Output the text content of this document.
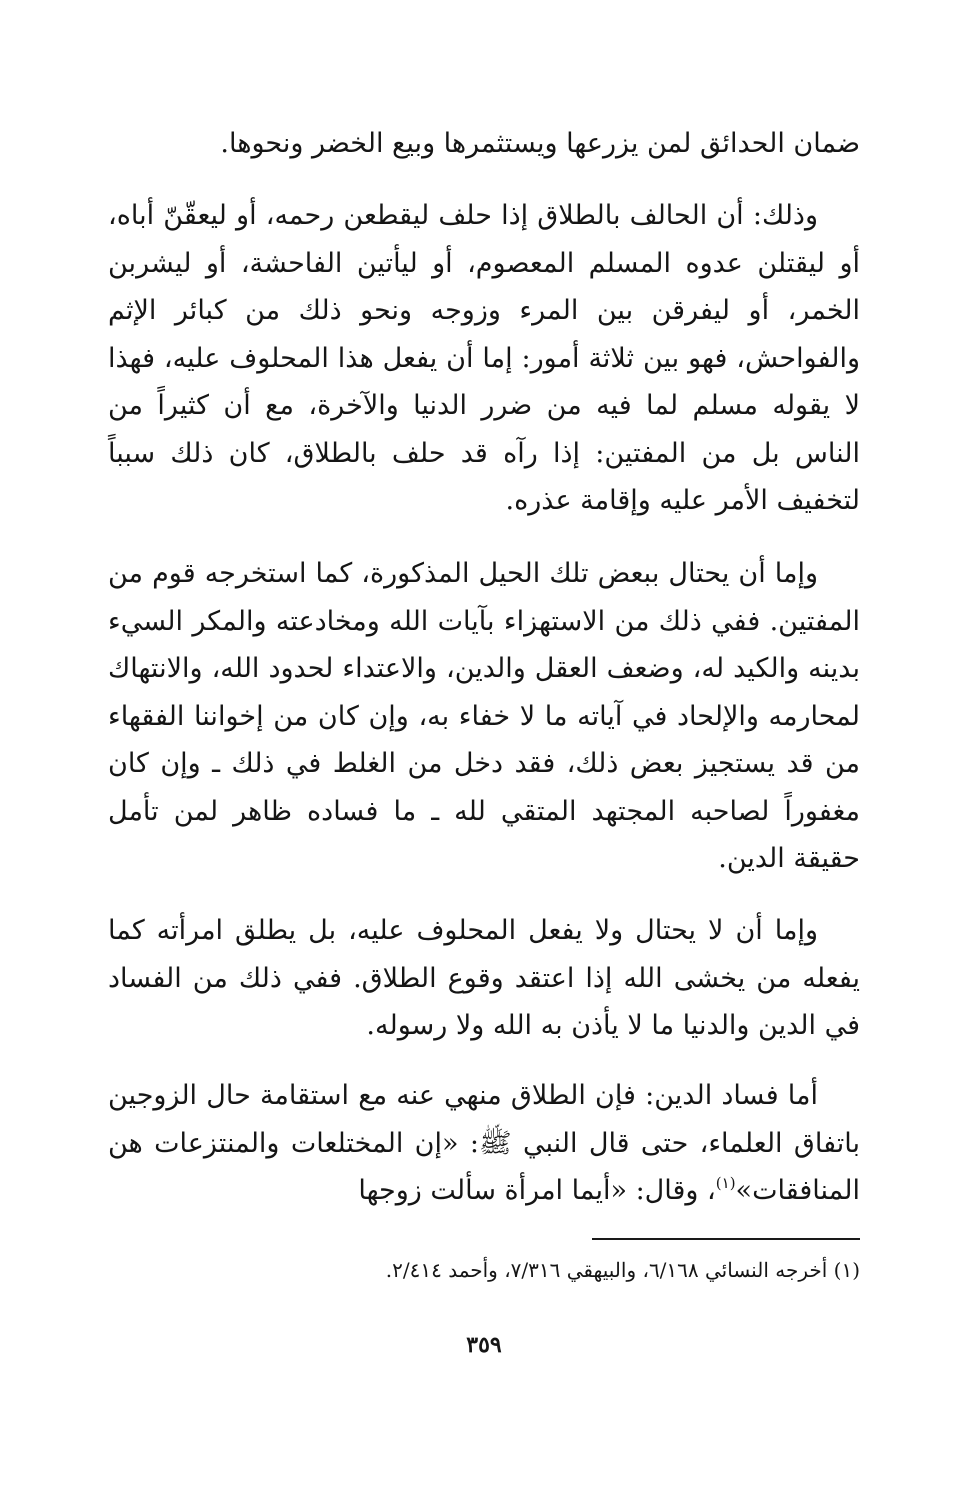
ضمان الحدائق لمن يزرعها ويستثمرها وبيع الخضر ونحوها.

وذلك: أن الحالف بالطلاق إذا حلف ليقطعن رحمه، أو ليعقّنّ أباه، أو ليقتلن عدوه المسلم المعصوم، أو ليأتين الفاحشة، أو ليشربن الخمر، أو ليفرقن بين المرء وزوجه ونحو ذلك من كبائر الإثم والفواحش، فهو بين ثلاثة أمور: إما أن يفعل هذا المحلوف عليه، فهذا لا يقوله مسلم لما فيه من ضرر الدنيا والآخرة، مع أن كثيراً من الناس بل من المفتين: إذا رآه قد حلف بالطلاق، كان ذلك سبباً لتخفيف الأمر عليه وإقامة عذره.

وإما أن يحتال ببعض تلك الحيل المذكورة، كما استخرجه قوم من المفتين. ففي ذلك من الاستهزاء بآيات الله ومخادعته والمكر السيء بدينه والكيد له، وضعف العقل والدين، والاعتداء لحدود الله، والانتهاك لمحارمه والإلحاد في آياته ما لا خفاء به، وإن كان من إخواننا الفقهاء من قد يستجيز بعض ذلك، فقد دخل من الغلط في ذلك ـ وإن كان مغفوراً لصاحبه المجتهد المتقي لله ـ ما فساده ظاهر لمن تأمل حقيقة الدين.

وإما أن لا يحتال ولا يفعل المحلوف عليه، بل يطلق امرأته كما يفعله من يخشى الله إذا اعتقد وقوع الطلاق. ففي ذلك من الفساد في الدين والدنيا ما لا يأذن به الله ولا رسوله.

أما فساد الدين: فإن الطلاق منهي عنه مع استقامة حال الزوجين باتفاق العلماء، حتى قال النبي ﷺ: «إن المختلعات والمنتزعات هن المنافقات»$^{(١)}$، وقال: «أيما امرأة سألت زوجها

(١) أخرجه النسائي ٦/١٦٨، والبيهقي ٧/٣١٦، وأحمد ٢/٤١٤.

٣٥٩
